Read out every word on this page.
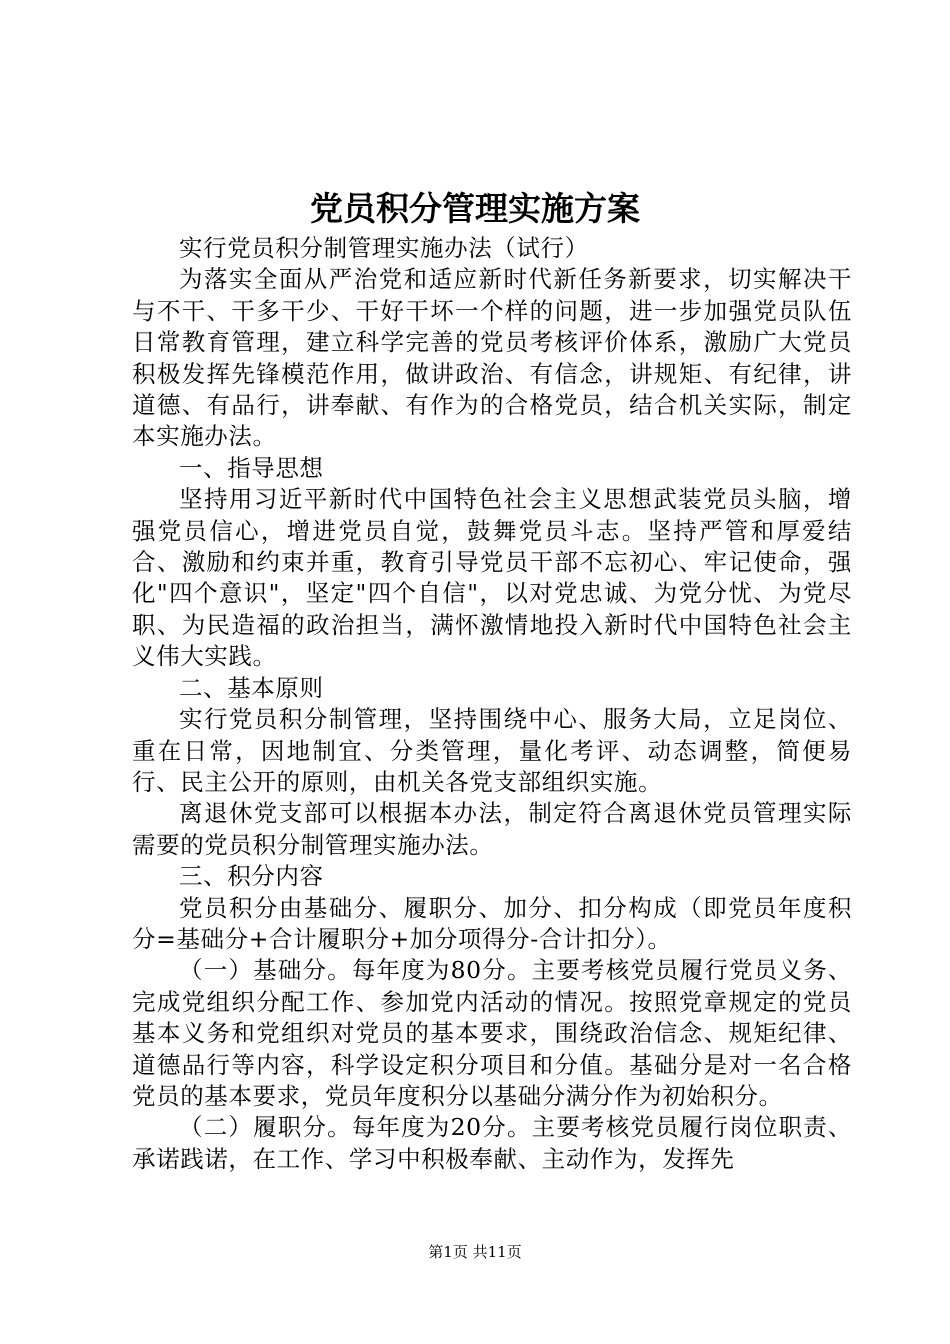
党员积分管理实施方案

实行党员积分制管理实施办法（试行）

为落实全面从严治党和适应新时代新任务新要求，切实解决干与不干、干多干少、干好干坏一个样的问题，进一步加强党员队伍日常教育管理，建立科学完善的党员考核评价体系，激励广大党员积极发挥先锋模范作用，做讲政治、有信念，讲规矩、有纪律，讲道德、有品行，讲奉献、有作为的合格党员，结合机关实际，制定本实施办法。

一、指导思想

坚持用习近平新时代中国特色社会主义思想武装党员头脑，增强党员信心，增进党员自觉，鼓舞党员斗志。坚持严管和厚爱结合、激励和约束并重，教育引导党员干部不忘初心、牢记使命，强化"四个意识"，坚定"四个自信"，以对党忠诚、为党分忧、为党尽职、为民造福的政治担当，满怀激情地投入新时代中国特色社会主义伟大实践。

二、基本原则

实行党员积分制管理，坚持围绕中心、服务大局，立足岗位、重在日常，因地制宜、分类管理，量化考评、动态调整，简便易行、民主公开的原则，由机关各党支部组织实施。

离退休党支部可以根据本办法，制定符合离退休党员管理实际需要的党员积分制管理实施办法。

三、积分内容

党员积分由基础分、履职分、加分、扣分构成（即党员年度积分=基础分+合计履职分+加分项得分-合计扣分）。

（一）基础分。每年度为80分。主要考核党员履行党员义务、完成党组织分配工作、参加党内活动的情况。按照党章规定的党员基本义务和党组织对党员的基本要求，围绕政治信念、规矩纪律、道德品行等内容，科学设定积分项目和分值。基础分是对一名合格党员的基本要求，党员年度积分以基础分满分作为初始积分。

（二）履职分。每年度为20分。主要考核党员履行岗位职责、承诺践诺，在工作、学习中积极奉献、主动作为，发挥先

第1页 共11页
